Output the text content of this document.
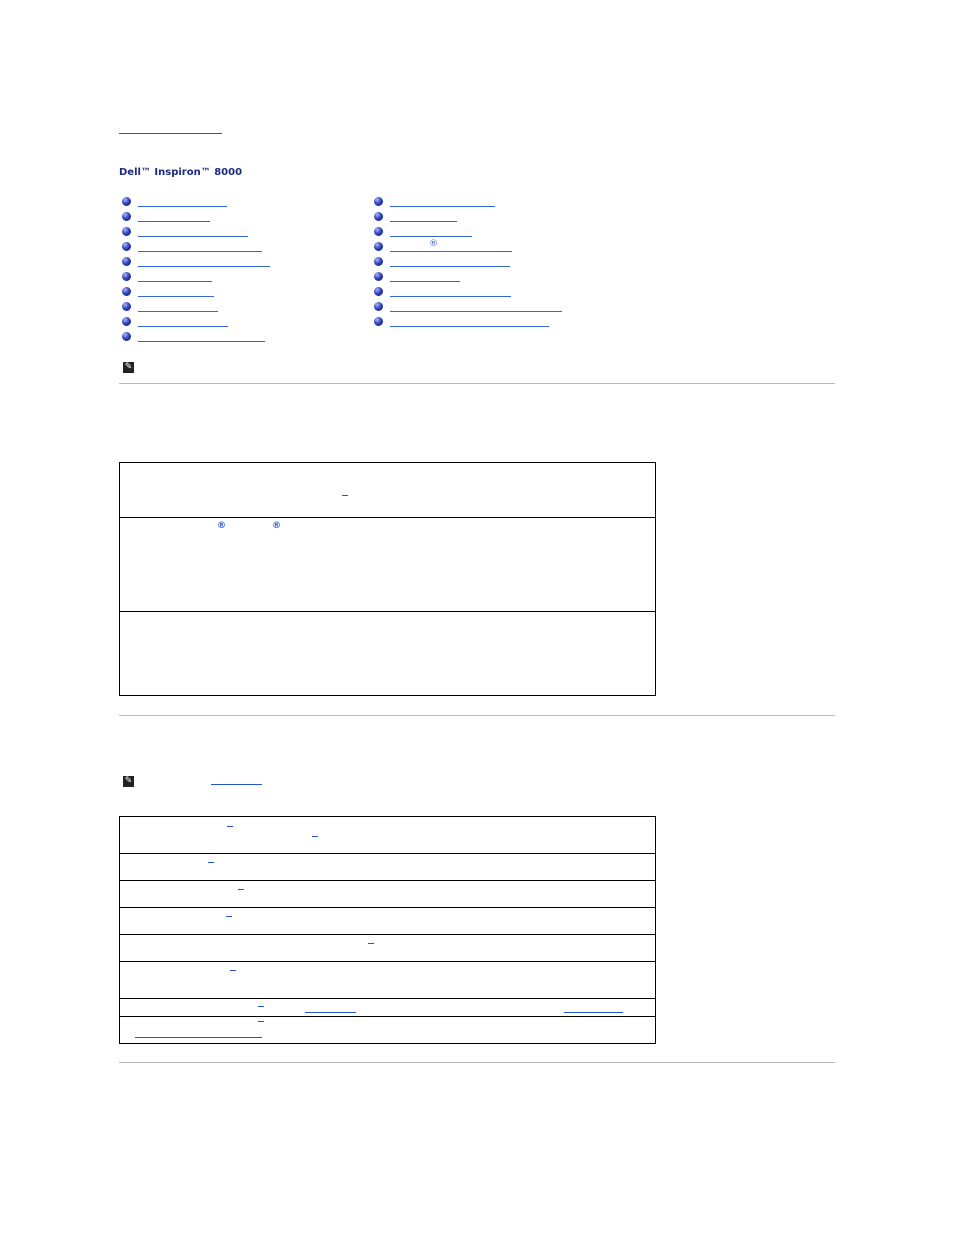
Dell™ Inspiron™ 8000
®
✎

®	®

✎
